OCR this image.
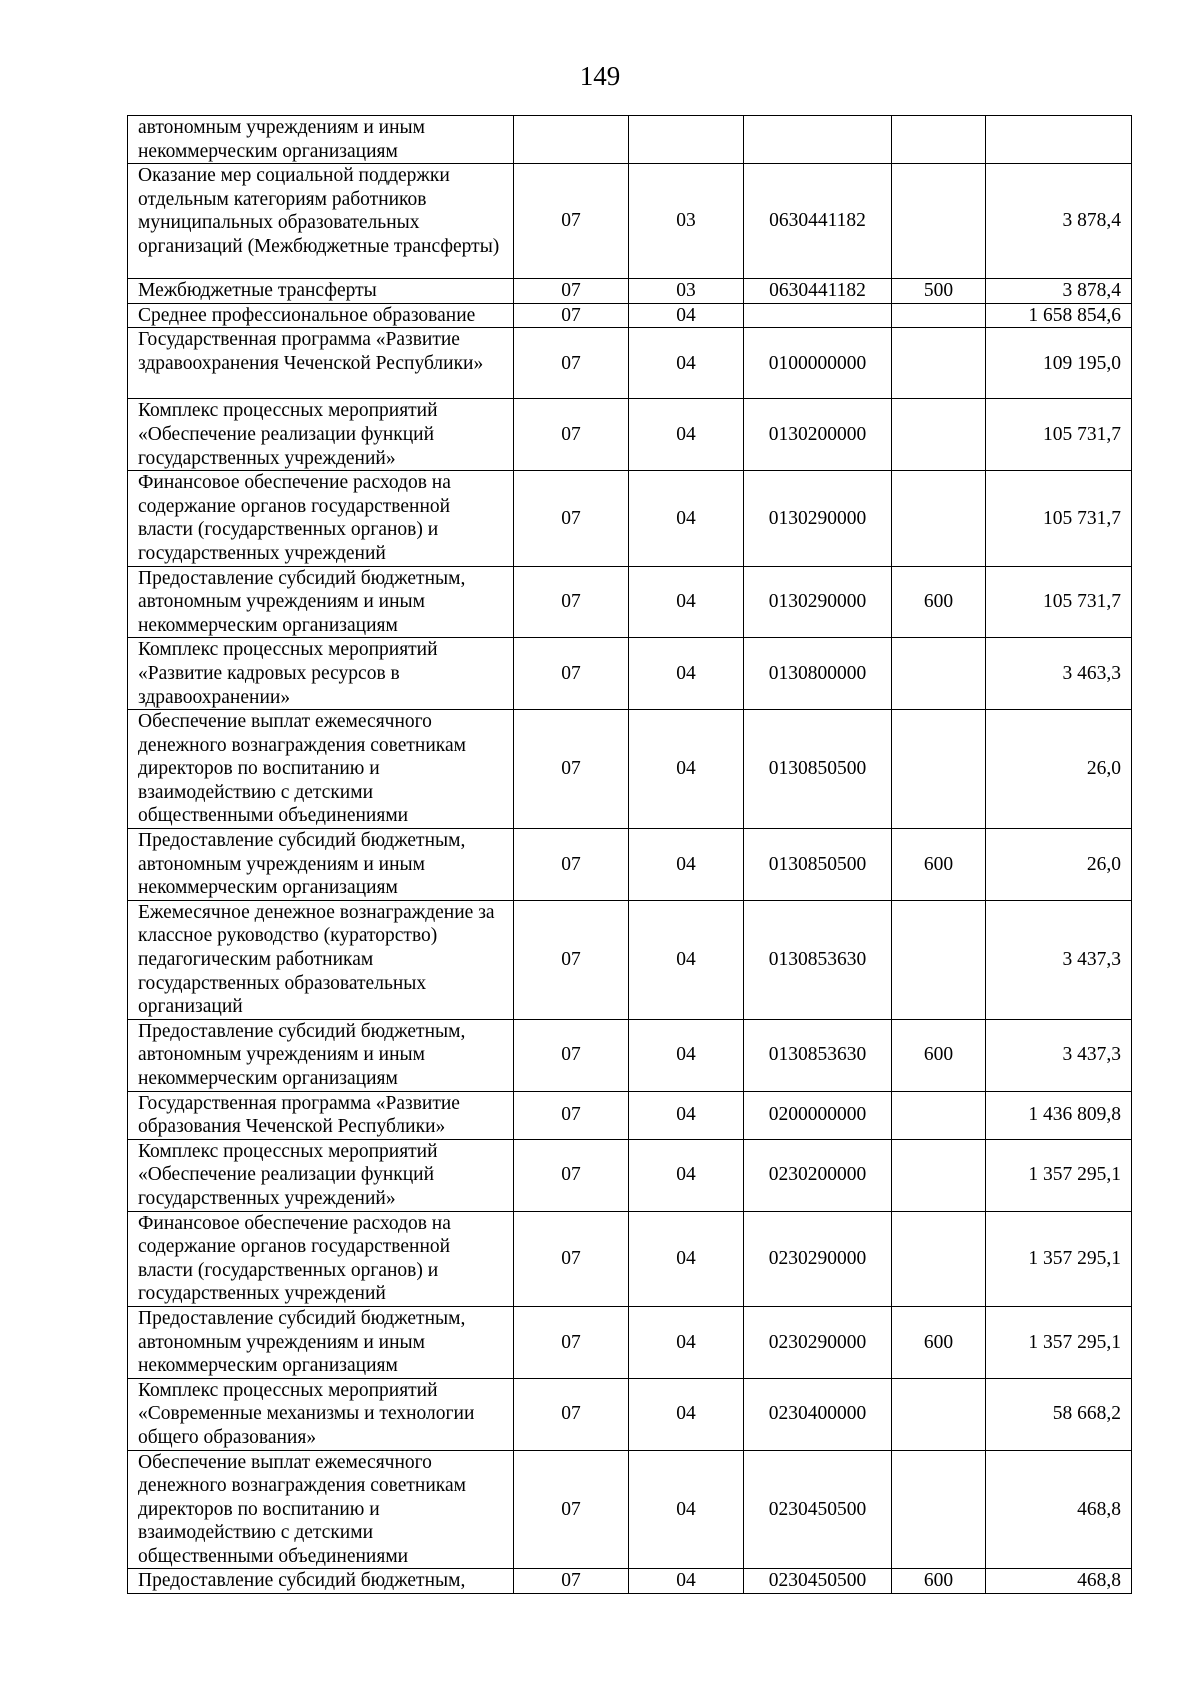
149
автономным учреждениям и иным некоммерческим организациям					
Оказание мер социальной поддержки отдельным категориям работников муниципальных образовательных организаций (Межбюджетные трансферты)	07	03	0630441182		3 878,4
Межбюджетные трансферты	07	03	0630441182	500	3 878,4
Среднее профессиональное образование	07	04			1 658 854,6
Государственная программа «Развитие здравоохранения Чеченской Республики»	07	04	0100000000		109 195,0
Комплекс процессных мероприятий «Обеспечение реализации функций государственных учреждений»	07	04	0130200000		105 731,7
Финансовое обеспечение расходов на содержание органов государственной власти (государственных органов) и государственных учреждений	07	04	0130290000		105 731,7
Предоставление субсидий бюджетным, автономным учреждениям и иным некоммерческим организациям	07	04	0130290000	600	105 731,7
Комплекс процессных мероприятий «Развитие кадровых ресурсов в здравоохранении»	07	04	0130800000		3 463,3
Обеспечение выплат ежемесячного денежного вознаграждения советникам директоров по воспитанию и взаимодействию с детскими общественными объединениями	07	04	0130850500		26,0
Предоставление субсидий бюджетным, автономным учреждениям и иным некоммерческим организациям	07	04	0130850500	600	26,0
Ежемесячное денежное вознаграждение за классное руководство (кураторство) педагогическим работникам государственных образовательных организаций	07	04	0130853630		3 437,3
Предоставление субсидий бюджетным, автономным учреждениям и иным некоммерческим организациям	07	04	0130853630	600	3 437,3
Государственная программа «Развитие образования Чеченской Республики»	07	04	0200000000		1 436 809,8
Комплекс процессных мероприятий «Обеспечение реализации функций государственных учреждений»	07	04	0230200000		1 357 295,1
Финансовое обеспечение расходов на содержание органов государственной власти (государственных органов) и государственных учреждений	07	04	0230290000		1 357 295,1
Предоставление субсидий бюджетным, автономным учреждениям и иным некоммерческим организациям	07	04	0230290000	600	1 357 295,1
Комплекс процессных мероприятий «Современные механизмы и технологии общего образования»	07	04	0230400000		58 668,2
Обеспечение выплат ежемесячного денежного вознаграждения советникам директоров по воспитанию и взаимодействию с детскими общественными объединениями	07	04	0230450500		468,8
Предоставление субсидий бюджетным,	07	04	0230450500	600	468,8
